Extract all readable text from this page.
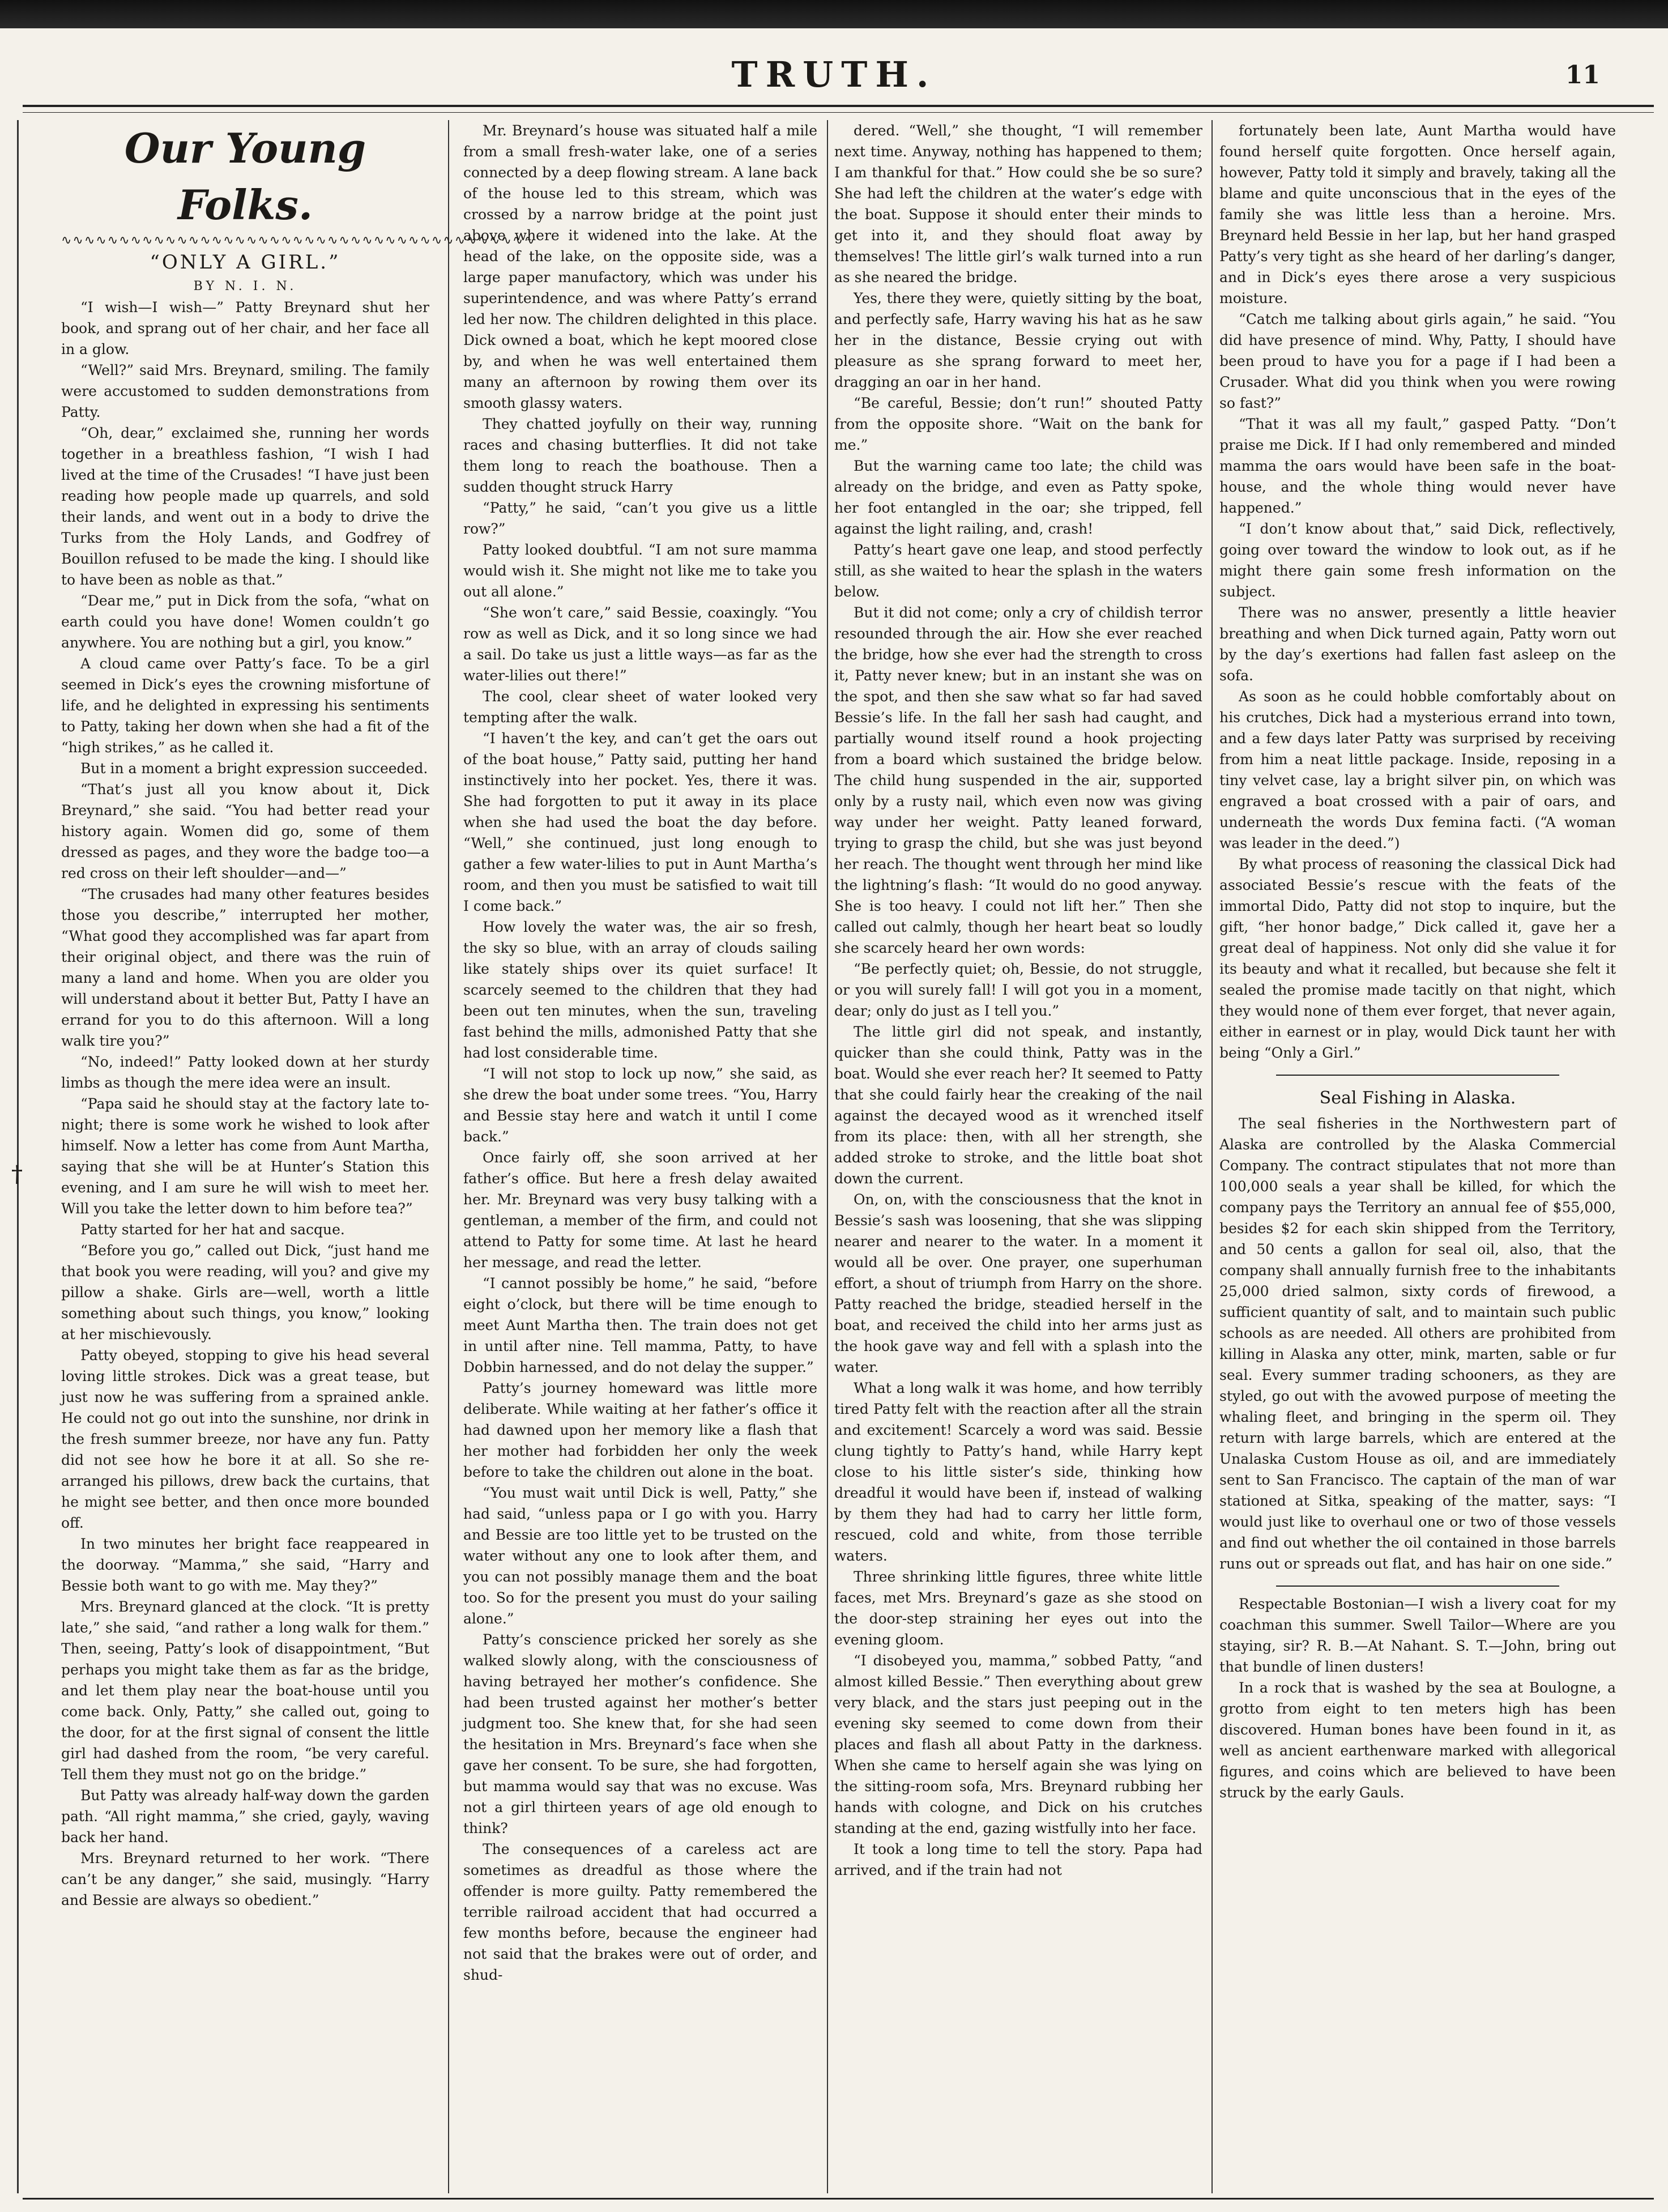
TRUTH.	11
†

Our Young Folks.

∿∿∿∿∿∿∿∿∿∿∿∿∿∿∿∿∿∿∿∿∿∿∿∿∿∿∿∿∿∿∿∿∿∿∿∿∿∿∿∿∿
“ONLY A GIRL.”
BY N. I. N.

“I wish—I wish—” Patty Breynard shut her book, and sprang out of her chair, and her face all in a glow.

“Well?” said Mrs. Breynard, smiling. The family were accustomed to sudden demonstrations from Patty.

“Oh, dear,” exclaimed she, running her words together in a breathless fashion, “I wish I had lived at the time of the Crusades! “I have just been reading how people made up quarrels, and sold their lands, and went out in a body to drive the Turks from the Holy Lands, and Godfrey of Bouillon refused to be made the king. I should like to have been as noble as that.”

“Dear me,” put in Dick from the sofa, “what on earth could you have done! Women couldn’t go anywhere. You are nothing but a girl, you know.”

A cloud came over Patty’s face. To be a girl seemed in Dick’s eyes the crowning misfortune of life, and he delighted in expressing his sentiments to Patty, taking her down when she had a fit of the “high strikes,” as he called it.

But in a moment a bright expression succeeded.

“That’s just all you know about it, Dick Breynard,” she said. “You had better read your history again. Women did go, some of them dressed as pages, and they wore the badge too—a red cross on their left shoulder—and—”

“The crusades had many other features besides those you describe,” interrupted her mother, “What good they accomplished was far apart from their original object, and there was the ruin of many a land and home. When you are older you will understand about it better But, Patty I have an errand for you to do this afternoon. Will a long walk tire you?”

“No, indeed!” Patty looked down at her sturdy limbs as though the mere idea were an insult.

“Papa said he should stay at the factory late to-night; there is some work he wished to look after himself. Now a letter has come from Aunt Martha, saying that she will be at Hunter’s Station this evening, and I am sure he will wish to meet her. Will you take the letter down to him before tea?”

Patty started for her hat and sacque.

“Before you go,” called out Dick, “just hand me that book you were reading, will you? and give my pillow a shake. Girls are—well, worth a little something about such things, you know,” looking at her mischievously.

Patty obeyed, stopping to give his head several loving little strokes. Dick was a great tease, but just now he was suffering from a sprained ankle. He could not go out into the sunshine, nor drink in the fresh summer breeze, nor have any fun. Patty did not see how he bore it at all. So she re-arranged his pillows, drew back the curtains, that he might see better, and then once more bounded off.

In two minutes her bright face reappeared in the doorway. “Mamma,” she said, “Harry and Bessie both want to go with me. May they?”

Mrs. Breynard glanced at the clock. “It is pretty late,” she said, “and rather a long walk for them.” Then, seeing, Patty’s look of disappointment, “But perhaps you might take them as far as the bridge, and let them play near the boat-house until you come back. Only, Patty,” she called out, going to the door, for at the first signal of consent the little girl had dashed from the room, “be very careful. Tell them they must not go on the bridge.”

But Patty was already half-way down the garden path. “All right mamma,” she cried, gayly, waving back her hand.

Mrs. Breynard returned to her work. “There can’t be any danger,” she said, musingly. “Harry and Bessie are always so obedient.”

Mr. Breynard’s house was situated half a mile from a small fresh-water lake, one of a series connected by a deep flowing stream. A lane back of the house led to this stream, which was crossed by a narrow bridge at the point just above where it widened into the lake. At the head of the lake, on the opposite side, was a large paper manufactory, which was under his superintendence, and was where Patty’s errand led her now. The children delighted in this place. Dick owned a boat, which he kept moored close by, and when he was well entertained them many an afternoon by rowing them over its smooth glassy waters.

They chatted joyfully on their way, running races and chasing butterflies. It did not take them long to reach the boathouse. Then a sudden thought struck Harry

“Patty,” he said, “can’t you give us a little row?”

Patty looked doubtful. “I am not sure mamma would wish it. She might not like me to take you out all alone.”

“She won’t care,” said Bessie, coaxingly. “You row as well as Dick, and it so long since we had a sail. Do take us just a little ways—as far as the water-lilies out there!”

The cool, clear sheet of water looked very tempting after the walk.

“I haven’t the key, and can’t get the oars out of the boat house,” Patty said, putting her hand instinctively into her pocket. Yes, there it was. She had forgotten to put it away in its place when she had used the boat the day before. “Well,” she continued, just long enough to gather a few water-lilies to put in Aunt Martha’s room, and then you must be satisfied to wait till I come back.”

How lovely the water was, the air so fresh, the sky so blue, with an array of clouds sailing like stately ships over its quiet surface! It scarcely seemed to the children that they had been out ten minutes, when the sun, traveling fast behind the mills, admonished Patty that she had lost considerable time.

“I will not stop to lock up now,” she said, as she drew the boat under some trees. “You, Harry and Bessie stay here and watch it until I come back.”

Once fairly off, she soon arrived at her father’s office. But here a fresh delay awaited her. Mr. Breynard was very busy talking with a gentleman, a member of the firm, and could not attend to Patty for some time. At last he heard her message, and read the letter.

“I cannot possibly be home,” he said, “before eight o’clock, but there will be time enough to meet Aunt Martha then. The train does not get in until after nine. Tell mamma, Patty, to have Dobbin harnessed, and do not delay the supper.”

Patty’s journey homeward was little more deliberate. While waiting at her father’s office it had dawned upon her memory like a flash that her mother had forbidden her only the week before to take the children out alone in the boat.

“You must wait until Dick is well, Patty,” she had said, “unless papa or I go with you. Harry and Bessie are too little yet to be trusted on the water without any one to look after them, and you can not possibly manage them and the boat too. So for the present you must do your sailing alone.”

Patty’s conscience pricked her sorely as she walked slowly along, with the consciousness of having betrayed her mother’s confidence. She had been trusted against her mother’s better judgment too. She knew that, for she had seen the hesitation in Mrs. Breynard’s face when she gave her consent. To be sure, she had forgotten, but mamma would say that was no excuse. Was not a girl thirteen years of age old enough to think?

The consequences of a careless act are sometimes as dreadful as those where the offender is more guilty. Patty remembered the terrible railroad accident that had occurred a few months before, because the engineer had not said that the brakes were out of order, and shud-

dered. “Well,” she thought, “I will remember next time. Anyway, nothing has happened to them; I am thankful for that.” How could she be so sure? She had left the children at the water’s edge with the boat. Suppose it should enter their minds to get into it, and they should float away by themselves! The little girl’s walk turned into a run as she neared the bridge.

Yes, there they were, quietly sitting by the boat, and perfectly safe, Harry waving his hat as he saw her in the distance, Bessie crying out with pleasure as she sprang forward to meet her, dragging an oar in her hand.

“Be careful, Bessie; don’t run!” shouted Patty from the opposite shore. “Wait on the bank for me.”

But the warning came too late; the child was already on the bridge, and even as Patty spoke, her foot entangled in the oar; she tripped, fell against the light railing, and, crash!

Patty’s heart gave one leap, and stood perfectly still, as she waited to hear the splash in the waters below.

But it did not come; only a cry of childish terror resounded through the air. How she ever reached the bridge, how she ever had the strength to cross it, Patty never knew; but in an instant she was on the spot, and then she saw what so far had saved Bessie’s life. In the fall her sash had caught, and partially wound itself round a hook projecting from a board which sustained the bridge below. The child hung suspended in the air, supported only by a rusty nail, which even now was giving way under her weight. Patty leaned forward, trying to grasp the child, but she was just beyond her reach. The thought went through her mind like the lightning’s flash: “It would do no good anyway. She is too heavy. I could not lift her.” Then she called out calmly, though her heart beat so loudly she scarcely heard her own words:

“Be perfectly quiet; oh, Bessie, do not struggle, or you will surely fall! I will got you in a moment, dear; only do just as I tell you.”

The little girl did not speak, and instantly, quicker than she could think, Patty was in the boat. Would she ever reach her? It seemed to Patty that she could fairly hear the creaking of the nail against the decayed wood as it wrenched itself from its place: then, with all her strength, she added stroke to stroke, and the little boat shot down the current.

On, on, with the consciousness that the knot in Bessie’s sash was loosening, that she was slipping nearer and nearer to the water. In a moment it would all be over. One prayer, one superhuman effort, a shout of triumph from Harry on the shore. Patty reached the bridge, steadied herself in the boat, and received the child into her arms just as the hook gave way and fell with a splash into the water.

What a long walk it was home, and how terribly tired Patty felt with the reaction after all the strain and excitement! Scarcely a word was said. Bessie clung tightly to Patty’s hand, while Harry kept close to his little sister’s side, thinking how dreadful it would have been if, instead of walking by them they had had to carry her little form, rescued, cold and white, from those terrible waters.

Three shrinking little figures, three white little faces, met Mrs. Breynard’s gaze as she stood on the door-step straining her eyes out into the evening gloom.

“I disobeyed you, mamma,” sobbed Patty, “and almost killed Bessie.” Then everything about grew very black, and the stars just peeping out in the evening sky seemed to come down from their places and flash all about Patty in the darkness. When she came to herself again she was lying on the sitting-room sofa, Mrs. Breynard rubbing her hands with cologne, and Dick on his crutches standing at the end, gazing wistfully into her face.

It took a long time to tell the story. Papa had arrived, and if the train had not

fortunately been late, Aunt Martha would have found herself quite forgotten. Once herself again, however, Patty told it simply and bravely, taking all the blame and quite unconscious that in the eyes of the family she was little less than a heroine. Mrs. Breynard held Bessie in her lap, but her hand grasped Patty’s very tight as she heard of her darling’s danger, and in Dick’s eyes there arose a very suspicious moisture.

“Catch me talking about girls again,” he said. “You did have presence of mind. Why, Patty, I should have been proud to have you for a page if I had been a Crusader. What did you think when you were rowing so fast?”

“That it was all my fault,” gasped Patty. “Don’t praise me Dick. If I had only remembered and minded mamma the oars would have been safe in the boat-house, and the whole thing would never have happened.”

“I don’t know about that,” said Dick, reflectively, going over toward the window to look out, as if he might there gain some fresh information on the subject.

There was no answer, presently a little heavier breathing and when Dick turned again, Patty worn out by the day’s exertions had fallen fast asleep on the sofa.

As soon as he could hobble comfortably about on his crutches, Dick had a mysterious errand into town, and a few days later Patty was surprised by receiving from him a neat little package. Inside, reposing in a tiny velvet case, lay a bright silver pin, on which was engraved a boat crossed with a pair of oars, and underneath the words Dux femina facti. (“A woman was leader in the deed.”)

By what process of reasoning the classical Dick had associated Bessie’s rescue with the feats of the immortal Dido, Patty did not stop to inquire, but the gift, “her honor badge,” Dick called it, gave her a great deal of happiness. Not only did she value it for its beauty and what it recalled, but because she felt it sealed the promise made tacitly on that night, which they would none of them ever forget, that never again, either in earnest or in play, would Dick taunt her with being “Only a Girl.”

Seal Fishing in Alaska.

The seal fisheries in the Northwestern part of Alaska are controlled by the Alaska Commercial Company. The contract stipulates that not more than 100,000 seals a year shall be killed, for which the company pays the Territory an annual fee of $55,000, besides $2 for each skin shipped from the Territory, and 50 cents a gallon for seal oil, also, that the company shall annually furnish free to the inhabitants 25,000 dried salmon, sixty cords of firewood, a sufficient quantity of salt, and to maintain such public schools as are needed. All others are prohibited from killing in Alaska any otter, mink, marten, sable or fur seal. Every summer trading schooners, as they are styled, go out with the avowed purpose of meeting the whaling fleet, and bringing in the sperm oil. They return with large barrels, which are entered at the Unalaska Custom House as oil, and are immediately sent to San Francisco. The captain of the man of war stationed at Sitka, speaking of the matter, says: “I would just like to overhaul one or two of those vessels and find out whether the oil contained in those barrels runs out or spreads out flat, and has hair on one side.”

Respectable Bostonian—I wish a livery coat for my coachman this summer. Swell Tailor—Where are you staying, sir? R. B.—At Nahant. S. T.—John, bring out that bundle of linen dusters!

In a rock that is washed by the sea at Boulogne, a grotto from eight to ten meters high has been discovered. Human bones have been found in it, as well as ancient earthenware marked with allegorical figures, and coins which are believed to have been struck by the early Gauls.
